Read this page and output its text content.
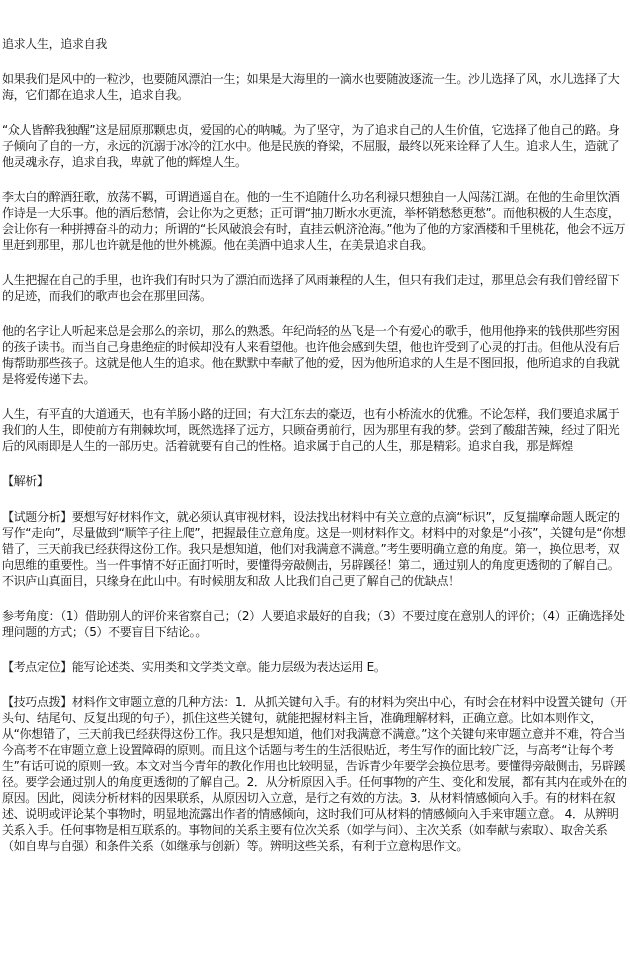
追求人生，追求自我

如果我们是风中的一粒沙，也要随风漂泊一生；如果是大海里的一滴水也要随波逐流一生。沙儿选择了风，水儿选择了大海，它们都在追求人生，追求自我。

“众人皆醉我独醒”这是屈原那颗忠贞，爱国的心的呐喊。为了坚守，为了追求自己的人生价值，它选择了他自己的路。身子倾向了自的一方，永远的沉溺于冰冷的江水中。他是民族的脊梁，不屈服，最终以死来诠释了人生。追求人生，造就了他灵魂永存，追求自我，卑就了他的辉煌人生。

李太白的醉酒狂歌，放荡不羁，可谓逍遥自在。他的一生不追随什么功名利禄只想独自一人闯荡江湖。在他的生命里饮酒作诗是一大乐事。他的酒后愁情，会让你为之更愁；正可谓“抽刀断水水更流，举杯销愁愁更愁”。而他积极的人生态度，会让你有一种拼搏奋斗的动力；所谓的“长风破浪会有时，直挂云帆济沧海。”他为了他的方家酒楼和千里桃花，他会不远万里赶到那里，那儿也许就是他的世外桃源。他在美酒中追求人生，在美景追求自我。

人生把握在自己的手里，也许我们有时只为了漂泊而选择了风雨兼程的人生，但只有我们走过，那里总会有我们曾经留下的足迹，而我们的歌声也会在那里回荡。

他的名字让人听起来总是会那么的亲切，那么的熟悉。年纪尚轻的丛飞是一个有爱心的歌手，他用他挣来的钱供那些穷困的孩子读书。而当自己身患绝症的时候却没有人来看望他。也许他会感到失望，他也许受到了心灵的打击。但他从没有后悔帮助那些孩子。这就是他人生的追求。他在默默中奉献了他的爱，因为他所追求的人生是不图回报，他所追求的自我就是将爱传递下去。

人生，有平直的大道通天，也有羊肠小路的迂回；有大江东去的豪迈，也有小桥流水的优雅。不论怎样，我们要追求属于我们的人生，即使前方有荆棘坎坷，既然选择了远方，只顾奋勇前行，因为那里有我的梦。尝到了酸甜苦辣，经过了阳光后的风雨即是人生的一部历史。活着就要有自己的性格。追求属于自己的人生，那是精彩。追求自我，那是辉煌

【解析】

【试题分析】要想写好材料作文，就必须认真审视材料，设法找出材料中有关立意的点滴“标识”，反复揣摩命题人既定的写作“走向”，尽量做到“顺竿子往上爬”，把握最佳立意角度。这是一则材料作文。材料中的对象是“小孩”，关键句是“你想错了，三天前我已经获得这份工作。我只是想知道，他们对我满意不满意。”考生要明确立意的角度。第一，换位思考，双向思维的重要性。当一件事情不好正面打听时，要懂得旁敲侧击，另辟蹊径！第二，通过别人的角度更透彻的了解自己。不识庐山真面目，只缘身在此山中。有时候朋友和敌 人比我们自己更了解自己的优缺点！

参考角度：（1）借助别人的评价来省察自己；（2）人要追求最好的自我；（3）不要过度在意别人的评价；（4）正确选择处理问题的方式；（5）不要盲目下结论。。

【考点定位】能写论述类、实用类和文学类文章。能力层级为表达运用 E。

【技巧点拨】材料作文审题立意的几种方法：1．从抓关键句入手。有的材料为突出中心，有时会在材料中设置关键句（开头句、结尾句、反复出现的句子），抓住这些关键句，就能把握材料主旨，准确理解材料，正确立意。比如本则作文，从“你想错了，三天前我已经获得这份工作。我只是想知道，他们对我满意不满意。”这个关键句来审题立意并不难，符合当今高考不在审题立意上设置障碍的原则。而且这个话题与考生的生活很贴近，考生写作的面比较广泛，与高考“让每个考生”有话可说的原则一致。本文对当今青年的教化作用也比较明显，告诉青少年要学会换位思考。要懂得旁敲侧击，另辟蹊径。要学会通过别人的角度更透彻的了解自己。2．从分析原因入手。任何事物的产生、变化和发展，都有其内在或外在的原因。因此，阅读分析材料的因果联系，从原因切入立意，是行之有效的方法。3．从材料情感倾向入手。有的材料在叙述、说明或评论某个事物时，明显地流露出作者的情感倾向，这时我们可从材料的情感倾向入手来审题立意。 4．从辨明关系入手。任何事物是相互联系的。事物间的关系主要有位次关系（如学与问）、主次关系（如奉献与索取）、取舍关系（如自卑与自强）和条件关系（如继承与创新）等。辨明这些关系，有利于立意构思作文。
